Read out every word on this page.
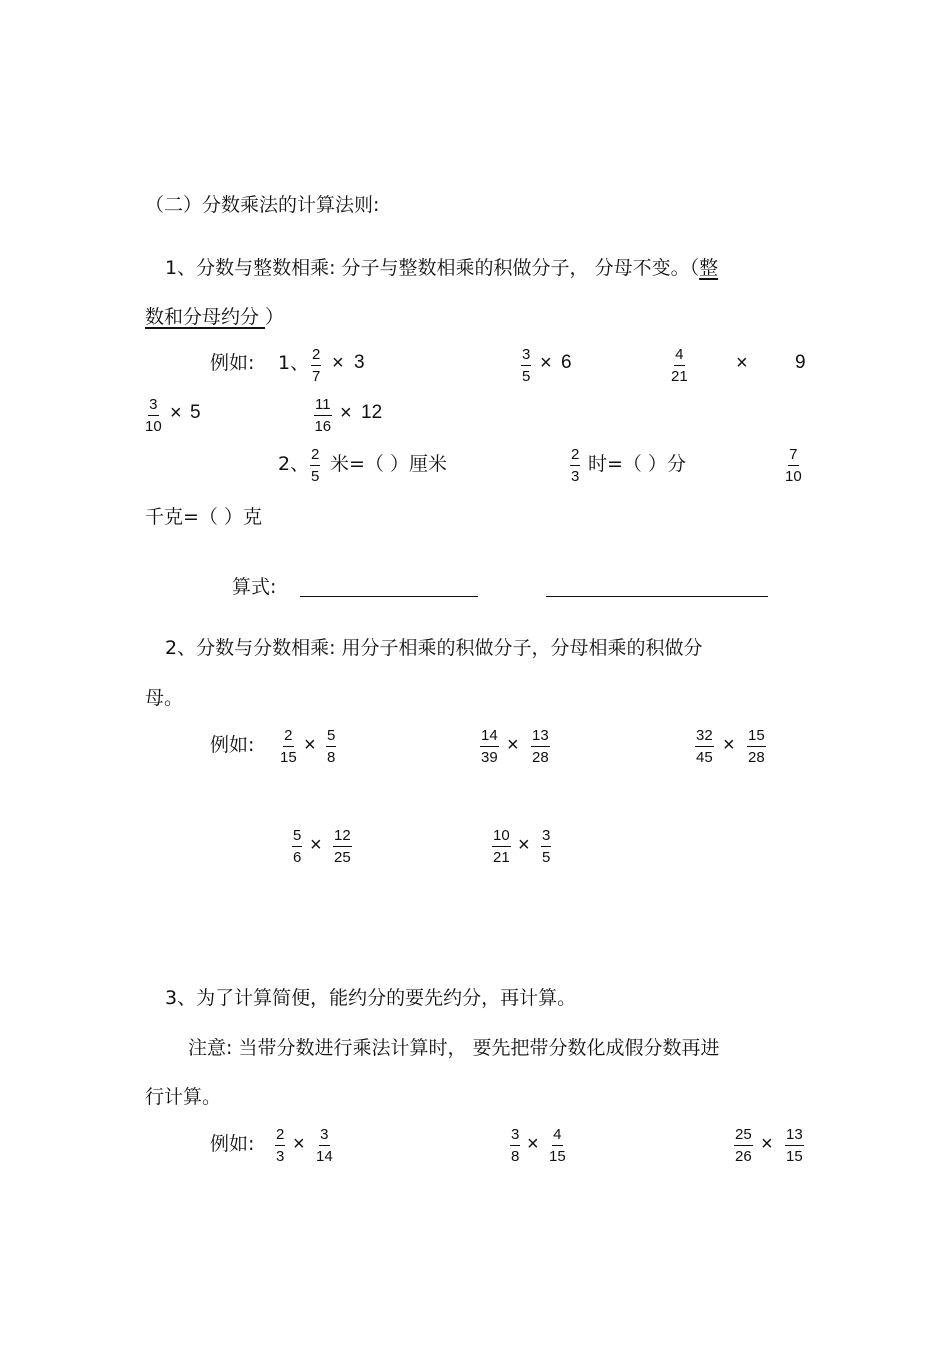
（二）分数乘法的计算法则:
1、分数与整数相乘: 分子与整数相乘的积做分子， 分母不变。（整
数和分母约分 ）
例如: 1、 $\frac{2}{7} \times 3$	$\frac{3}{5} \times 6$	$\frac{4}{21} \times 9$
$\frac{3}{10} \times 5$	$\frac{11}{16} \times 12$
2、 $\frac{2}{5}$ 米=（ ）厘米	$\frac{2}{3}$ 时=（ ）分	$\frac{7}{10}$
千克=（ ）克
算式:
2、分数与分数相乘: 用分子相乘的积做分子，分母相乘的积做分
母。
例如: $\frac{2}{15} \times \frac{5}{8}$	$\frac{14}{39} \times \frac{13}{28}$	$\frac{32}{45} \times \frac{15}{28}$
$\frac{5}{6} \times \frac{12}{25}$	$\frac{10}{21} \times \frac{3}{5}$
3、为了计算简便，能约分的要先约分，再计算。
注意: 当带分数进行乘法计算时， 要先把带分数化成假分数再进
行计算。
例如: $\frac{2}{3} \times \frac{3}{14}$	$\frac{3}{8} \times \frac{4}{15}$	$\frac{25}{26} \times \frac{13}{15}$
